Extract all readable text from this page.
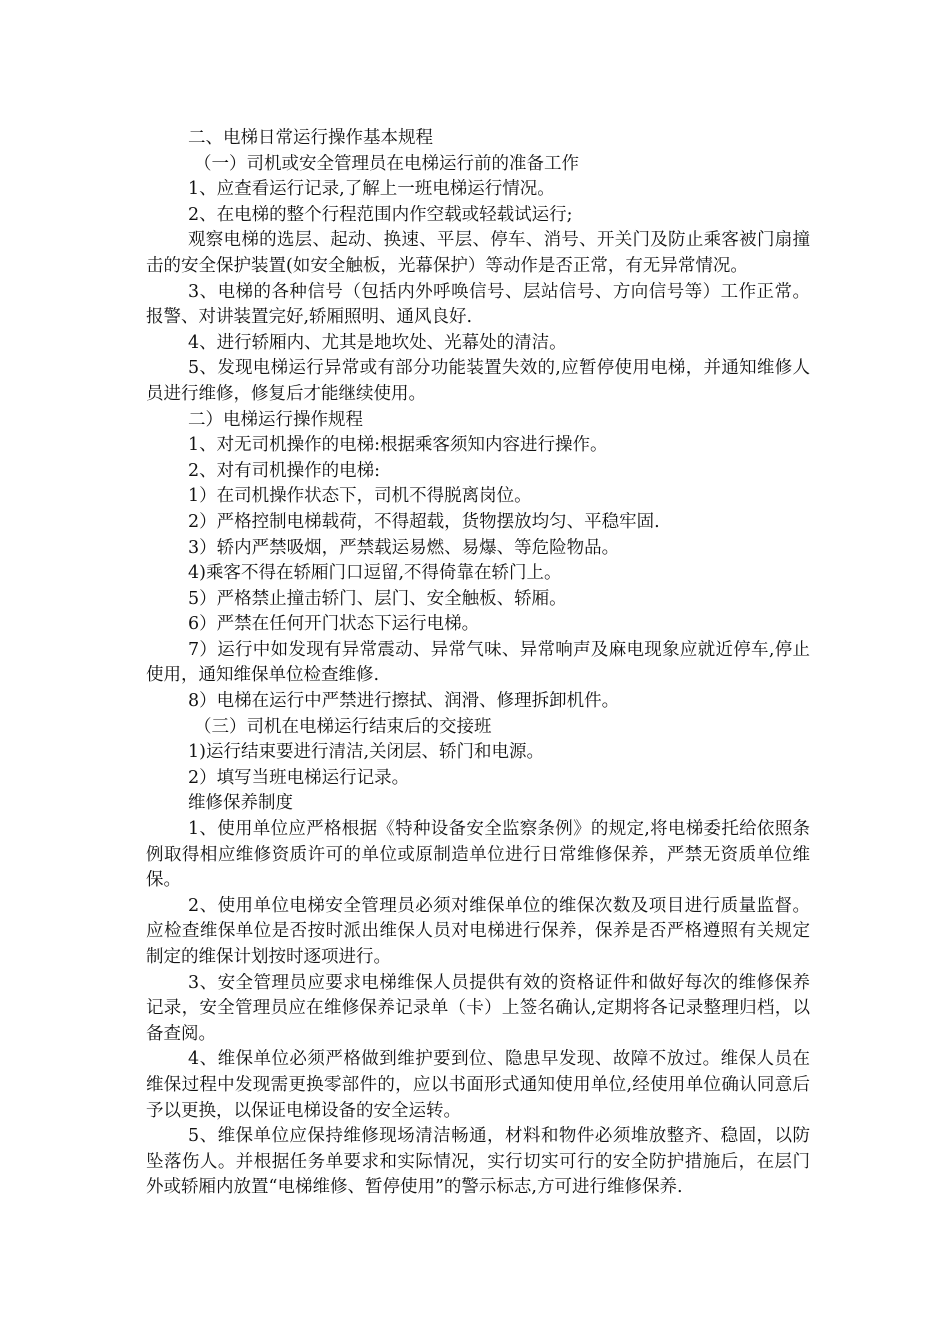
二、电梯日常运行操作基本规程

（一）司机或安全管理员在电梯运行前的准备工作

1、应查看运行记录,了解上一班电梯运行情况。

2、在电梯的整个行程范围内作空载或轻载试运行;

观察电梯的选层、起动、换速、平层、停车、消号、开关门及防止乘客被门扇撞击的安全保护装置(如安全触板，光幕保护）等动作是否正常，有无异常情况。

3、电梯的各种信号（包括内外呼唤信号、层站信号、方向信号等）工作正常。报警、对讲装置完好,轿厢照明、通风良好.

4、进行轿厢内、尤其是地坎处、光幕处的清洁。

5、发现电梯运行异常或有部分功能装置失效的,应暂停使用电梯，并通知维修人员进行维修，修复后才能继续使用。

二）电梯运行操作规程

1、对无司机操作的电梯:根据乘客须知内容进行操作。

2、对有司机操作的电梯:

1）在司机操作状态下，司机不得脱离岗位。

2）严格控制电梯载荷，不得超载，货物摆放均匀、平稳牢固.

3）轿内严禁吸烟，严禁载运易燃、易爆、等危险物品。

4)乘客不得在轿厢门口逗留,不得倚靠在轿门上。

5）严格禁止撞击轿门、层门、安全触板、轿厢。

6）严禁在任何开门状态下运行电梯。

7）运行中如发现有异常震动、异常气味、异常响声及麻电现象应就近停车,停止使用，通知维保单位检查维修.

8）电梯在运行中严禁进行擦拭、润滑、修理拆卸机件。

（三）司机在电梯运行结束后的交接班

1)运行结束要进行清洁,关闭层、轿门和电源。

2）填写当班电梯运行记录。

维修保养制度

1、使用单位应严格根据《特种设备安全监察条例》的规定,将电梯委托给依照条例取得相应维修资质许可的单位或原制造单位进行日常维修保养，严禁无资质单位维保。

2、使用单位电梯安全管理员必须对维保单位的维保次数及项目进行质量监督。应检查维保单位是否按时派出维保人员对电梯进行保养，保养是否严格遵照有关规定制定的维保计划按时逐项进行。

3、安全管理员应要求电梯维保人员提供有效的资格证件和做好每次的维修保养记录，安全管理员应在维修保养记录单（卡）上签名确认,定期将各记录整理归档，以备查阅。

4、维保单位必须严格做到维护要到位、隐患早发现、故障不放过。维保人员在维保过程中发现需更换零部件的，应以书面形式通知使用单位,经使用单位确认同意后予以更换，以保证电梯设备的安全运转。

5、维保单位应保持维修现场清洁畅通，材料和物件必须堆放整齐、稳固，以防坠落伤人。并根据任务单要求和实际情况，实行切实可行的安全防护措施后，在层门外或轿厢内放置“电梯维修、暂停使用”的警示标志,方可进行维修保养.
